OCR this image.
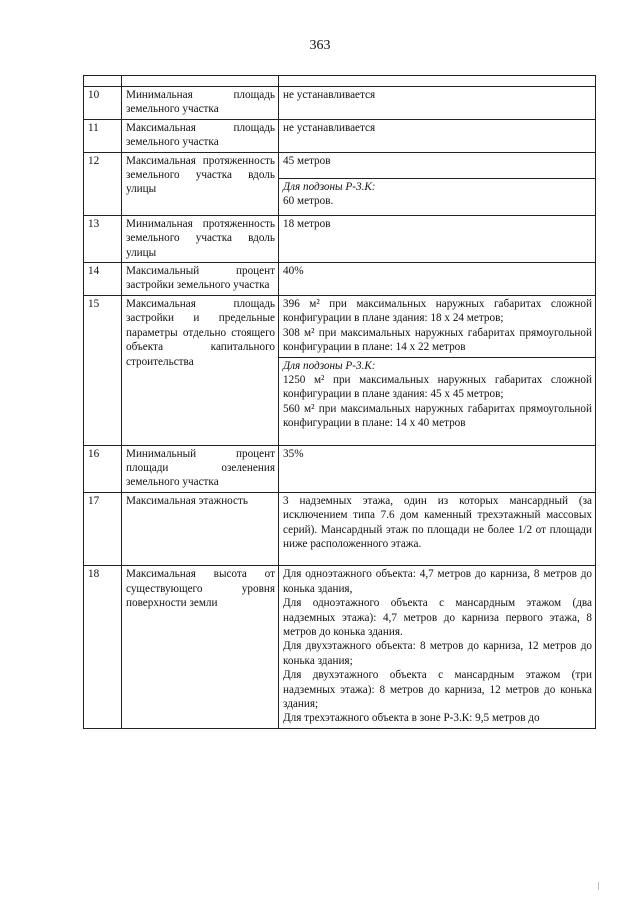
363

10	Минимальная площадь земельного участка	не устанавливается
11	Максимальная площадь земельного участка	не устанавливается
12	Максимальная протяженность земельного участка вдоль улицы	45 метров

		Для подзоны Р-3.К:
60 метров.

13	Минимальная протяженность земельного участка вдоль улицы	18 метров
14	Максимальный процент застройки земельного участка	40%
15	Максимальная площадь застройки и предельные параметры отдельно стоящего объекта капитального строительства	396 м² при максимальных наружных габаритах сложной конфигурации в плане здания: 18 х 24 метров;
308 м² при максимальных наружных габаритах прямоугольной конфигурации в плане: 14 х 22 метров

		Для подзоны Р-3.К:
1250 м² при максимальных наружных габаритах сложной конфигурации в плане здания: 45 х 45 метров;
560 м² при максимальных наружных габаритах прямоугольной конфигурации в плане: 14 х 40 метров

16	Минимальный процент площади озеленения земельного участка	35%
17	Максимальная этажность	3 надземных этажа, один из которых мансардный (за исключением типа 7.6 дом каменный трехэтажный массовых серий). Мансардный этаж по площади не более 1/2 от площади ниже расположенного этажа.
18	Максимальная высота от существующего уровня поверхности земли	Для одноэтажного объекта: 4,7 метров до карниза, 8 метров до конька здания,
Для одноэтажного объекта с мансардным этажом (два надземных этажа): 4,7 метров до карниза первого этажа, 8 метров до конька здания.
Для двухэтажного объекта: 8 метров до карниза, 12 метров до конька здания;
Для двухэтажного объекта с мансардным этажом (три надземных этажа): 8 метров до карниза, 12 метров до конька здания;
Для трехэтажного объекта в зоне Р-3.К: 9,5 метров до
